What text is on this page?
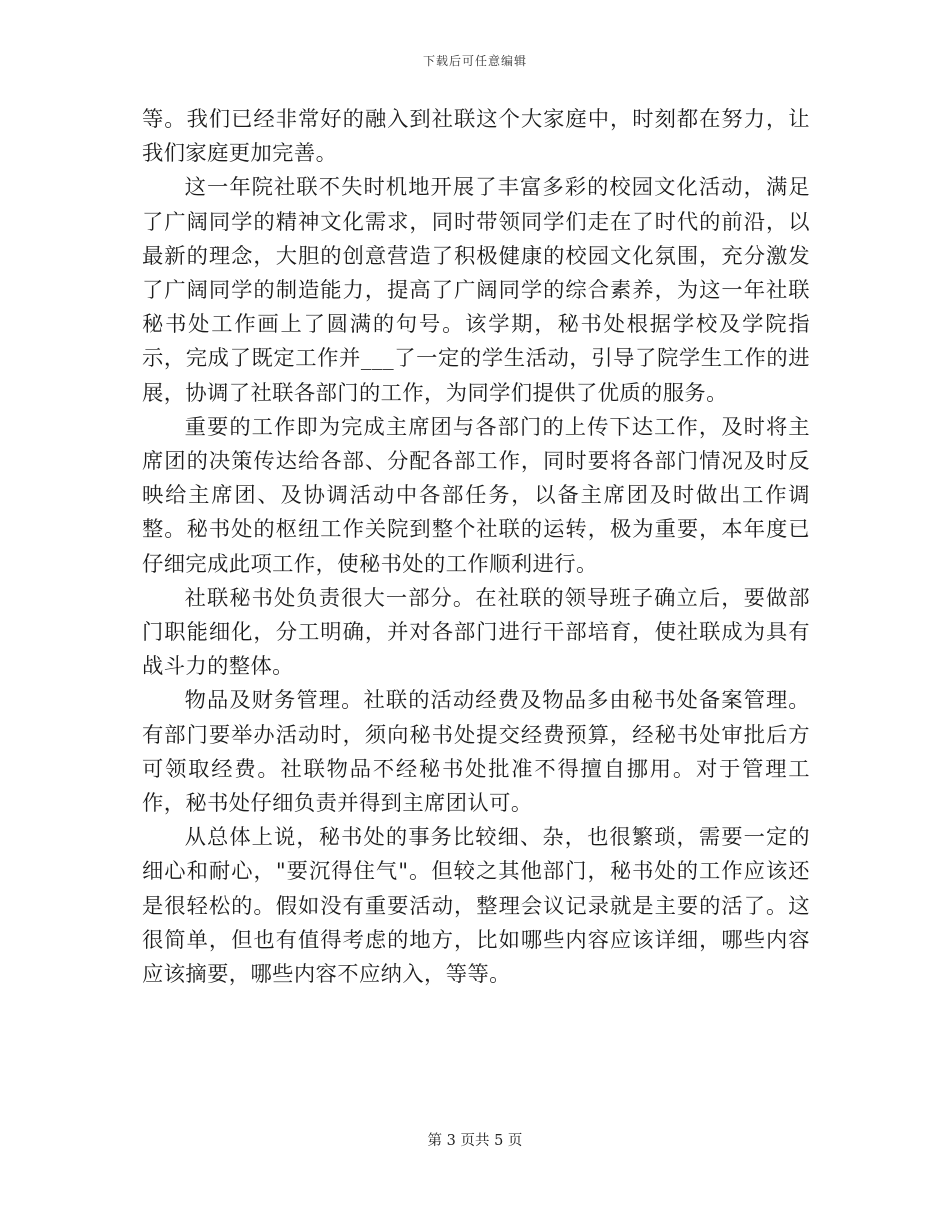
下载后可任意编辑

等。我们已经非常好的融入到社联这个大家庭中，时刻都在努力，让我们家庭更加完善。

这一年院社联不失时机地开展了丰富多彩的校园文化活动，满足了广阔同学的精神文化需求，同时带领同学们走在了时代的前沿，以最新的理念，大胆的创意营造了积极健康的校园文化氛围，充分激发了广阔同学的制造能力，提高了广阔同学的综合素养，为这一年社联秘书处工作画上了圆满的句号。该学期，秘书处根据学校及学院指示，完成了既定工作并___了一定的学生活动，引导了院学生工作的进展，协调了社联各部门的工作，为同学们提供了优质的服务。

重要的工作即为完成主席团与各部门的上传下达工作，及时将主席团的决策传达给各部、分配各部工作，同时要将各部门情况及时反映给主席团、及协调活动中各部任务，以备主席团及时做出工作调整。秘书处的枢纽工作关院到整个社联的运转，极为重要，本年度已仔细完成此项工作，使秘书处的工作顺利进行。

社联秘书处负责很大一部分。在社联的领导班子确立后，要做部门职能细化，分工明确，并对各部门进行干部培育，使社联成为具有战斗力的整体。

物品及财务管理。社联的活动经费及物品多由秘书处备案管理。有部门要举办活动时，须向秘书处提交经费预算，经秘书处审批后方可领取经费。社联物品不经秘书处批准不得擅自挪用。对于管理工作，秘书处仔细负责并得到主席团认可。

从总体上说，秘书处的事务比较细、杂，也很繁琐，需要一定的细心和耐心，"要沉得住气"。但较之其他部门，秘书处的工作应该还是很轻松的。假如没有重要活动，整理会议记录就是主要的活了。这很简单，但也有值得考虑的地方，比如哪些内容应该详细，哪些内容应该摘要，哪些内容不应纳入，等等。

第 3 页共 5 页
